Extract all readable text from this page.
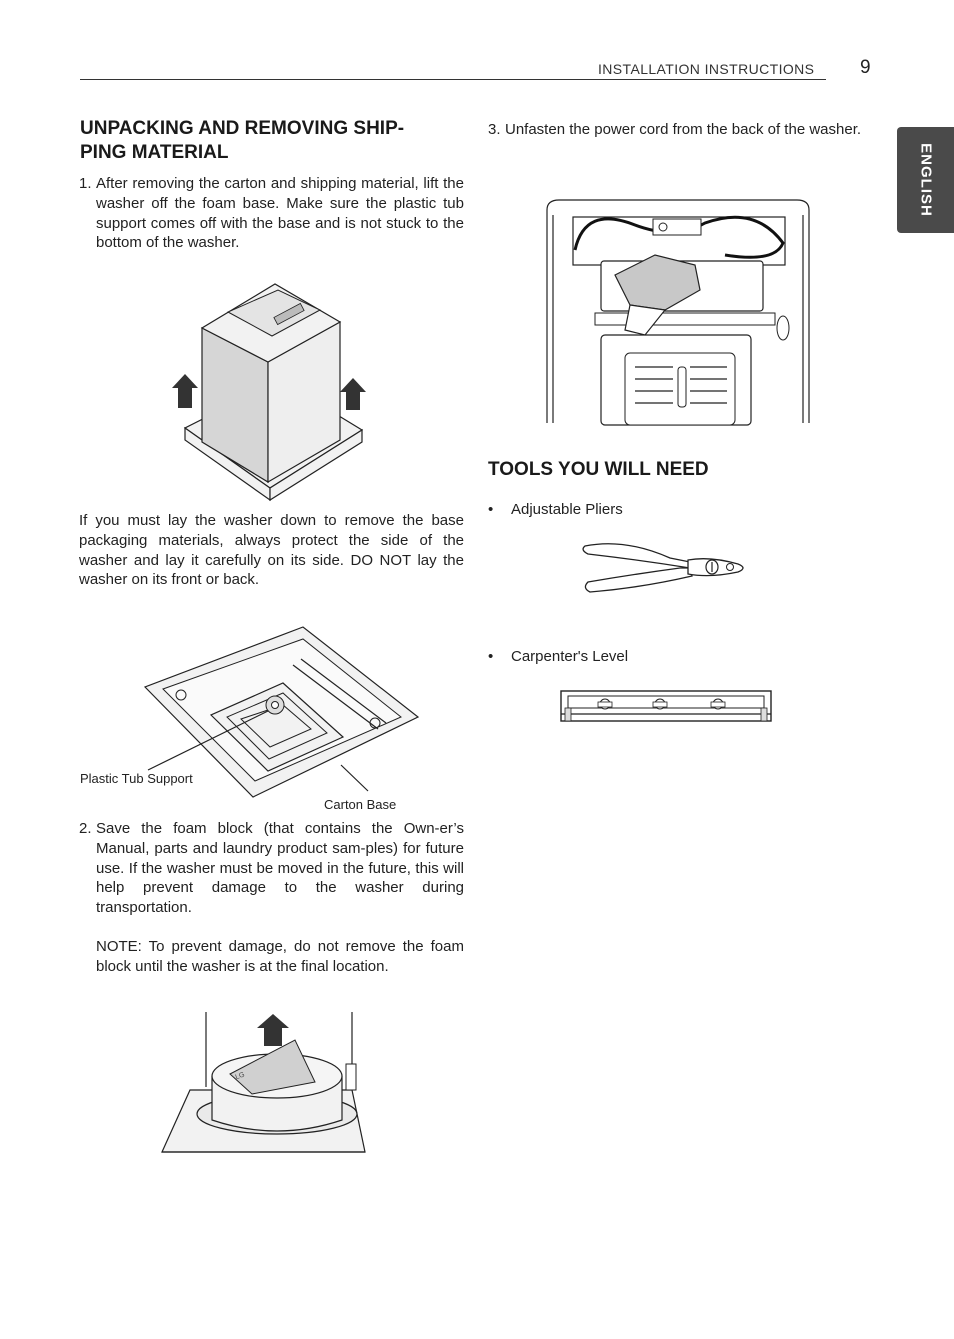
INSTALLATION INSTRUCTIONS 9
ENGLISH
UNPACKING AND REMOVING SHIP-
PING MATERIAL
1. After removing the carton and shipping material, lift the washer off the foam base. Make sure the plastic tub support comes off with the base and is not stuck to the bottom of the washer.

If you must lay the washer down to remove the base packaging materials, always protect the side of the washer and lay it carefully on its side. DO NOT lay the washer on its front or back.

Plastic Tub Support
Carton Base
2. Save the foam block (that contains the Own-er’s Manual, parts and laundry product sam-ples) for future use. If the washer must be moved in the future, this will help prevent damage to the washer during transportation.

NOTE: To prevent damage, do not remove the foam block until the washer is at the final location.

LG
3. Unfasten the power cord from the back of the washer.
TOOLS YOU WILL NEED
• Adjustable Pliers
• Carpenter's Level
